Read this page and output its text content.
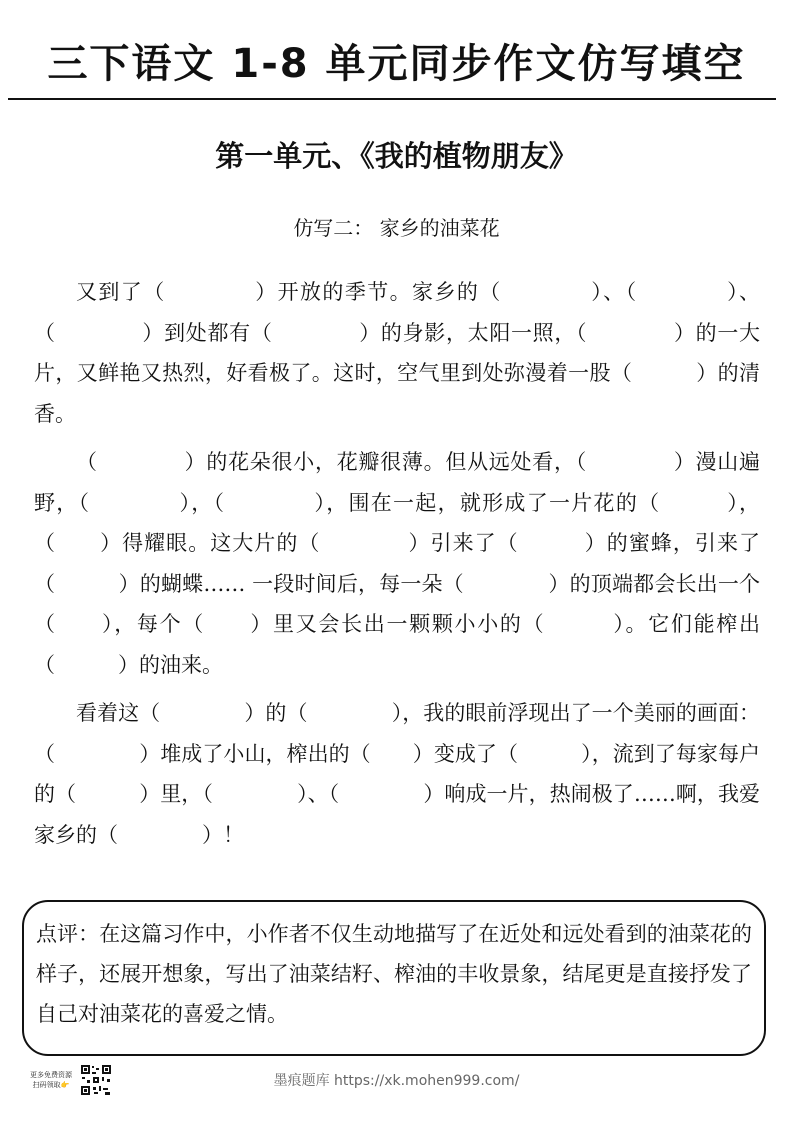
三下语文 1-8 单元同步作文仿写填空
第一单元、《我的植物朋友》
仿写二： 家乡的油菜花

又到了（　　　　）开放的季节。家乡的（　　　　）、（　　　　）、（　　　　）到处都有（　　　　）的身影，太阳一照，（　　　　）的一大片，又鲜艳又热烈，好看极了。这时，空气里到处弥漫着一股（　　　）的清香。

（　　　　）的花朵很小，花瓣很薄。但从远处看，（　　　　）漫山遍野，（　　　　），（　　　　），围在一起，就形成了一片花的（　　　），（　　）得耀眼。这大片的（　　　　）引来了（　　　）的蜜蜂，引来了（　　　）的蝴蝶…… 一段时间后，每一朵（　　　　）的顶端都会长出一个（　　），每个（　　）里又会长出一颗颗小小的（　　　）。它们能榨出（　　　）的油来。

看着这（　　　　）的（　　　　），我的眼前浮现出了一个美丽的画面：（　　　　）堆成了小山，榨出的（　　）变成了（　　　），流到了每家每户的（　　　）里，（　　　　）、（　　　　）响成一片，热闹极了……啊，我爱家乡的（　　　　）！

点评：在这篇习作中，小作者不仅生动地描写了在近处和远处看到的油菜花的样子，还展开想象，写出了油菜结籽、榨油的丰收景象，结尾更是直接抒发了自己对油菜花的喜爱之情。
更多免费资源
扫码领取👉	墨痕题库 https://xk.mohen999.com/
